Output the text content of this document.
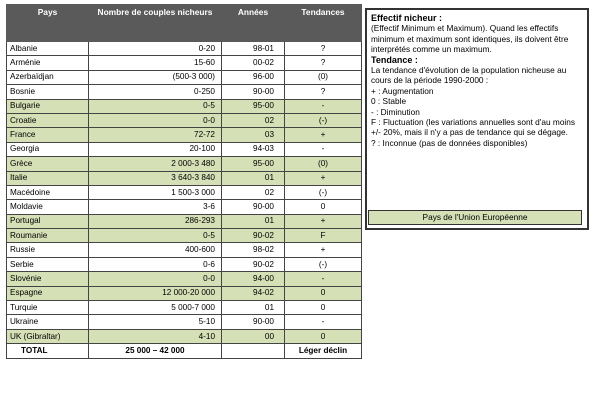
Pays	Nombre de couples nicheurs	Années	Tendances
Albanie	0-20	98-01	?
Arménie	15-60	00-02	?
Azerbaïdjan	(500-3 000)	96-00	(0)
Bosnie	0-250	90-00	?
Bulgarie	0-5	95-00	-
Croatie	0-0	02	(-)
France	72-72	03	+
Georgia	20-100	94-03	-
Grèce	2 000-3 480	95-00	(0)
Italie	3 640-3 840	01	+
Macédoine	1 500-3 000	02	(-)
Moldavie	3-6	90-00	0
Portugal	286-293	01	+
Roumanie	0-5	90-02	F
Russie	400-600	98-02	+
Serbie	0-6	90-02	(-)
Slovénie	0-0	94-00	-
Espagne	12 000-20 000	94-02	0
Turquie	5 000-7 000	01	0
Ukraine	5-10	90-00	-
UK (Gibraltar)	4-10	00	0
TOTAL	25 000 – 42 000		Léger déclin

Effectif nicheur :

(Effectif Minimum et Maximum). Quand les effectifs minimum et maximum sont identiques, ils doivent être interprétés comme un maximum.

Tendance :

La tendance d'évolution de la population nicheuse au cours de la période 1990-2000 :

+ : Augmentation

0 : Stable

- : Diminution

F : Fluctuation (les variations annuelles sont d'au moins +/- 20%, mais il n'y a pas de tendance qui se dégage.

? : Inconnue (pas de données disponibles)

Pays de l'Union Européenne
